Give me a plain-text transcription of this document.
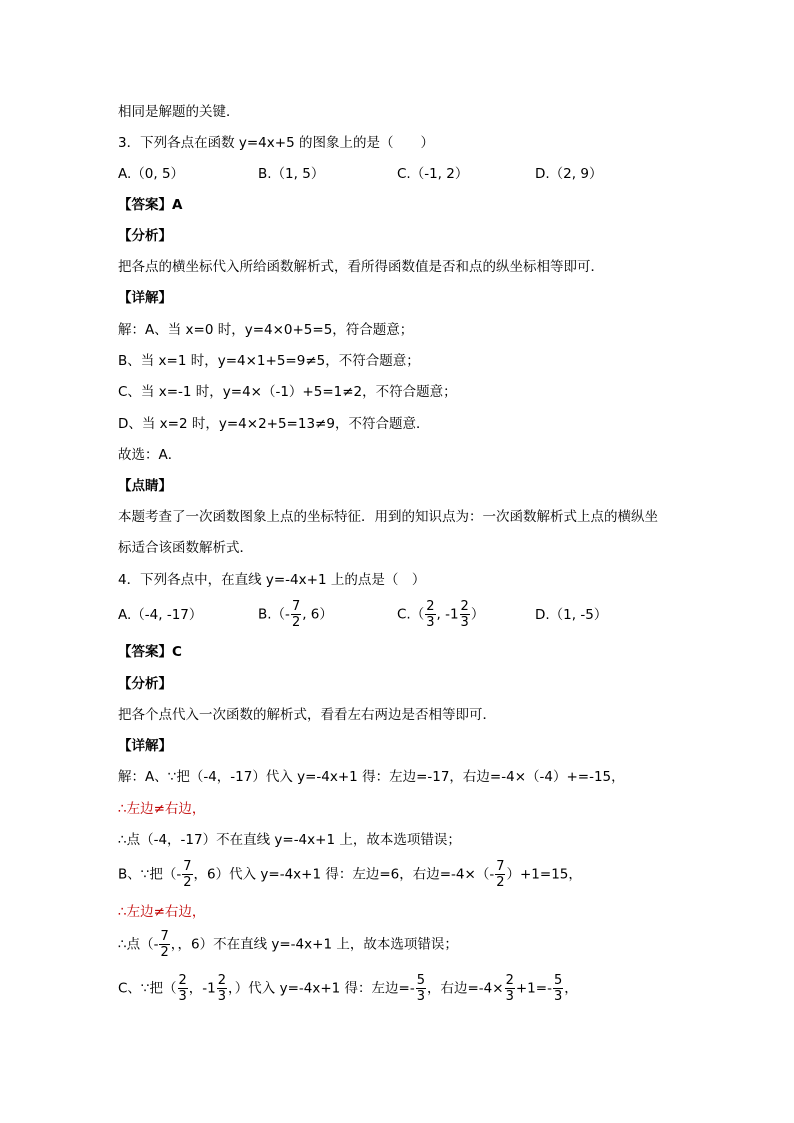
相同是解题的关键．
3．下列各点在函数 y=4x+5 的图象上的是（　　）
A.（0, 5）	B.（1, 5）	C.（-1, 2）	D.（2, 9）
【答案】A
【分析】
把各点的横坐标代入所给函数解析式，看所得函数值是否和点的纵坐标相等即可．
【详解】
解：A、当 x=0 时，y=4×0+5=5，符合题意；
B、当 x=1 时，y=4×1+5=9≠5，不符合题意；
C、当 x=-1 时，y=4×（-1）+5=1≠2，不符合题意；
D、当 x=2 时，y=4×2+5=13≠9，不符合题意．
故选：A．
【点睛】
本题考查了一次函数图象上点的坐标特征．用到的知识点为：一次函数解析式上点的横纵坐
标适合该函数解析式．
4．下列各点中，在直线 y=-4x+1 上的点是（　）
A.（-4, -17）	$B.(- \frac{7}{2}$ , 6）	$C.( \frac{2}{3}$ , $-1 \frac{2}{3}$ ）	D.（1, -5）
【答案】C
【分析】
把各个点代入一次函数的解析式，看看左右两边是否相等即可．
【详解】
解：A、∵把（-4，-17）代入 y=-4x+1 得：左边=-17，右边=-4×（-4）+=-15，
∴左边≠右边，
∴点（-4，-17）不在直线 y=-4x+1 上，故本选项错误；
B、∵把（- $\frac{7}{2}$ ，6）代入 y=-4x+1 得：左边=6，右边$=-4\times(- \frac{7}{2} )+1=15$，
∴左边≠右边，
∴点（- $\frac{7}{2}$ ，，6）不在直线 y=-4x+1 上，故本选项错误；
C、∵把（ $\frac{2}{3}$ ，$-1 \frac{2}{3}$ ，）代入 y=-4x+1 得：左边=- $\frac{5}{3}$ ，右边$=-4\times \frac{2}{3} +1=- \frac{5}{3}$ ，
